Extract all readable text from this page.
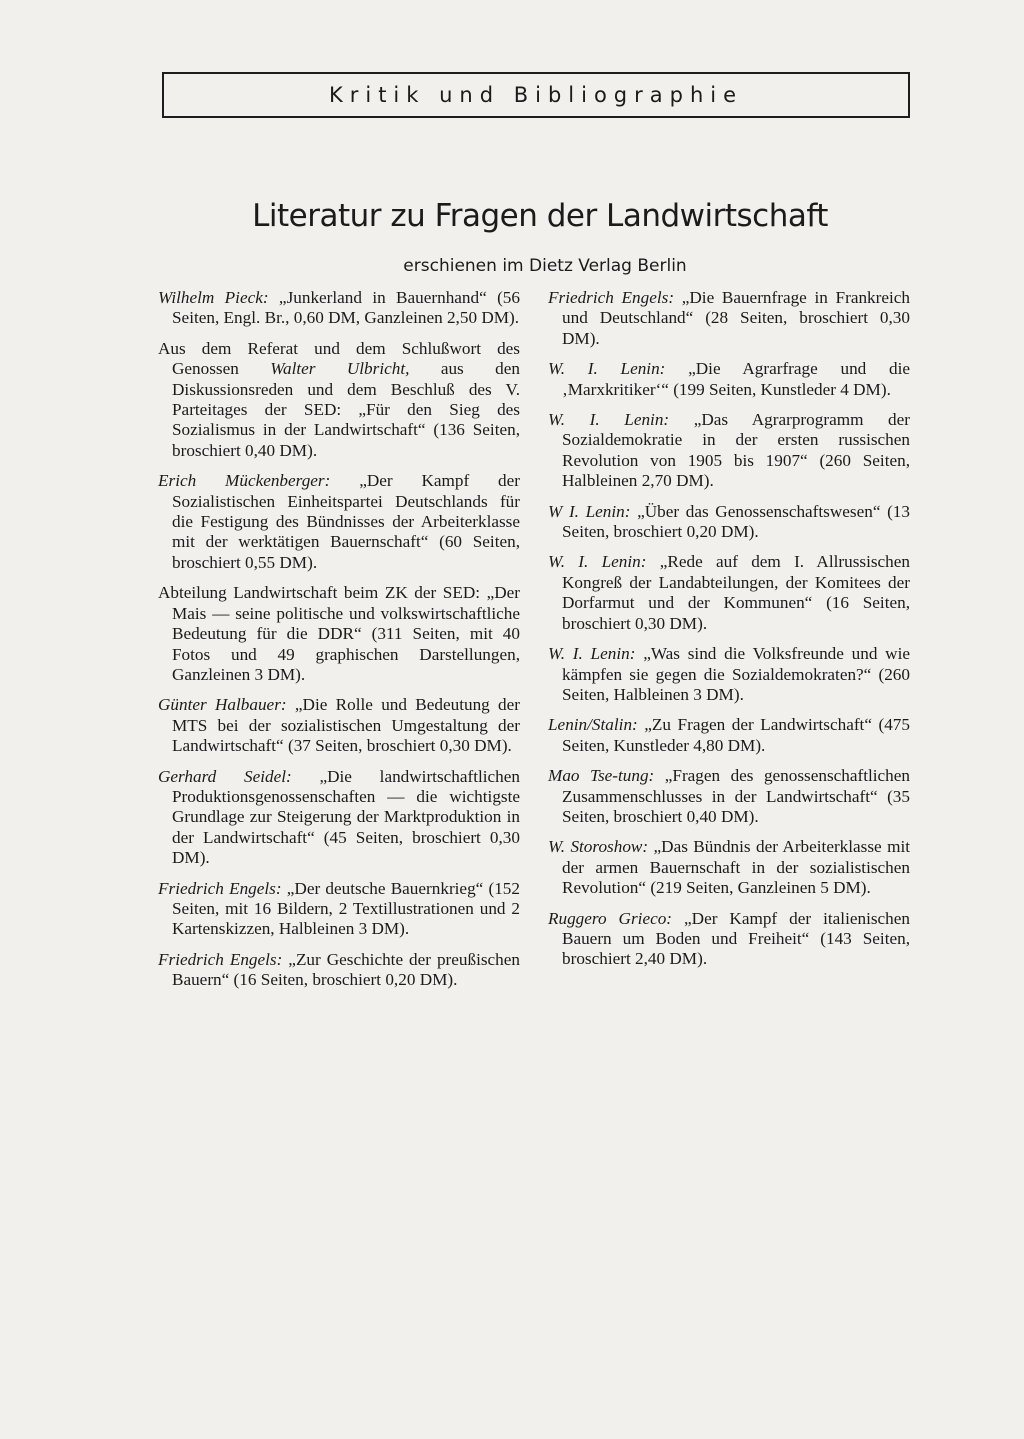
Kritik und Bibliographie
Literatur zu Fragen der Landwirtschaft

erschienen im Dietz Verlag Berlin

Wilhelm Pieck: „Junkerland in Bauernhand“ (56 Seiten, Engl. Br., 0,60 DM, Ganzleinen 2,50 DM).

Aus dem Referat und dem Schlußwort des Genossen Walter Ulbricht, aus den Diskussionsreden und dem Beschluß des V. Parteitages der SED: „Für den Sieg des Sozialismus in der Landwirtschaft“ (136 Seiten, broschiert 0,40 DM).

Erich Mückenberger: „Der Kampf der Sozialistischen Einheitspartei Deutschlands für die Festigung des Bündnisses der Arbeiterklasse mit der werktätigen Bauernschaft“ (60 Seiten, broschiert 0,55 DM).

Abteilung Landwirtschaft beim ZK der SED: „Der Mais — seine politische und volkswirtschaftliche Bedeutung für die DDR“ (311 Seiten, mit 40 Fotos und 49 graphischen Darstellungen, Ganzleinen 3 DM).

Günter Halbauer: „Die Rolle und Bedeutung der MTS bei der sozialistischen Umgestaltung der Landwirtschaft“ (37 Seiten, broschiert 0,30 DM).

Gerhard Seidel: „Die landwirtschaftlichen Produktionsgenossenschaften — die wichtigste Grundlage zur Steigerung der Marktproduktion in der Landwirtschaft“ (45 Seiten, broschiert 0,30 DM).

Friedrich Engels: „Der deutsche Bauernkrieg“ (152 Seiten, mit 16 Bildern, 2 Textillustrationen und 2 Kartenskizzen, Halbleinen 3 DM).

Friedrich Engels: „Zur Geschichte der preußischen Bauern“ (16 Seiten, broschiert 0,20 DM).

Friedrich Engels: „Die Bauernfrage in Frankreich und Deutschland“ (28 Seiten, broschiert 0,30 DM).

W. I. Lenin: „Die Agrarfrage und die ‚Marxkritiker‘“ (199 Seiten, Kunstleder 4 DM).

W. I. Lenin: „Das Agrarprogramm der Sozialdemokratie in der ersten russischen Revolution von 1905 bis 1907“ (260 Seiten, Halbleinen 2,70 DM).

W I. Lenin: „Über das Genossenschaftswesen“ (13 Seiten, broschiert 0,20 DM).

W. I. Lenin: „Rede auf dem I. Allrussischen Kongreß der Landabteilungen, der Komitees der Dorfarmut und der Kommunen“ (16 Seiten, broschiert 0,30 DM).

W. I. Lenin: „Was sind die Volksfreunde und wie kämpfen sie gegen die Sozialdemokraten?“ (260 Seiten, Halbleinen 3 DM).

Lenin/Stalin: „Zu Fragen der Landwirtschaft“ (475 Seiten, Kunstleder 4,80 DM).

Mao Tse-tung: „Fragen des genossenschaftlichen Zusammenschlusses in der Landwirtschaft“ (35 Seiten, broschiert 0,40 DM).

W. Storoshow: „Das Bündnis der Arbeiterklasse mit der armen Bauernschaft in der sozialistischen Revolution“ (219 Seiten, Ganzleinen 5 DM).

Ruggero Grieco: „Der Kampf der italienischen Bauern um Boden und Freiheit“ (143 Seiten, broschiert 2,40 DM).
